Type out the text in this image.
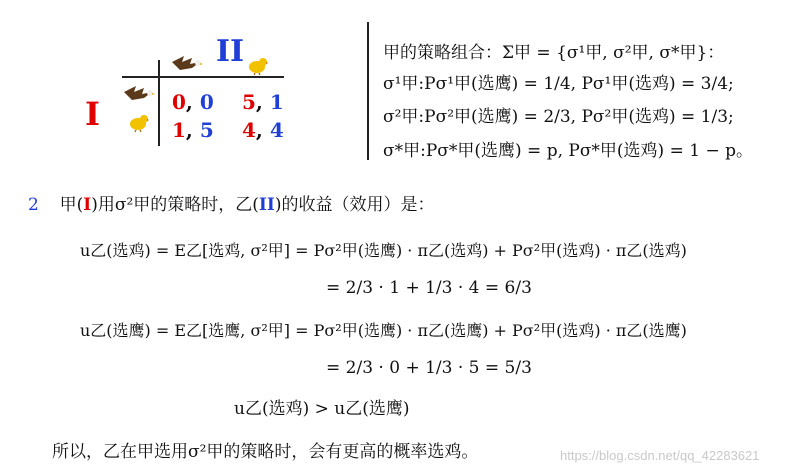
I
II
0, 0 5, 1
1, 5 4, 4
甲的策略组合：Σ甲 = {σ¹甲, σ²甲, σ*甲}：
σ¹甲:Pσ¹甲(选鹰) = 1/4, Pσ¹甲(选鸡) = 3/4;
σ²甲:Pσ²甲(选鹰) = 2/3, Pσ²甲(选鸡) = 1/3;
σ*甲:Pσ*甲(选鹰) = p, Pσ*甲(选鸡) = 1 − p。
2 甲(I)用σ²甲的策略时，乙(II)的收益（效用）是：
u乙(选鸡) = E乙[选鸡, σ²甲] = Pσ²甲(选鹰) · π乙(选鸡) + Pσ²甲(选鸡) · π乙(选鸡)
= 2/3 · 1 + 1/3 · 4 = 6/3
u乙(选鹰) = E乙[选鹰, σ²甲] = Pσ²甲(选鹰) · π乙(选鹰) + Pσ²甲(选鸡) · π乙(选鹰)
= 2/3 · 0 + 1/3 · 5 = 5/3
u乙(选鸡) > u乙(选鹰)
所以，乙在甲选用σ²甲的策略时，会有更高的概率选鸡。	https://blog.csdn.net/qq_42283621
